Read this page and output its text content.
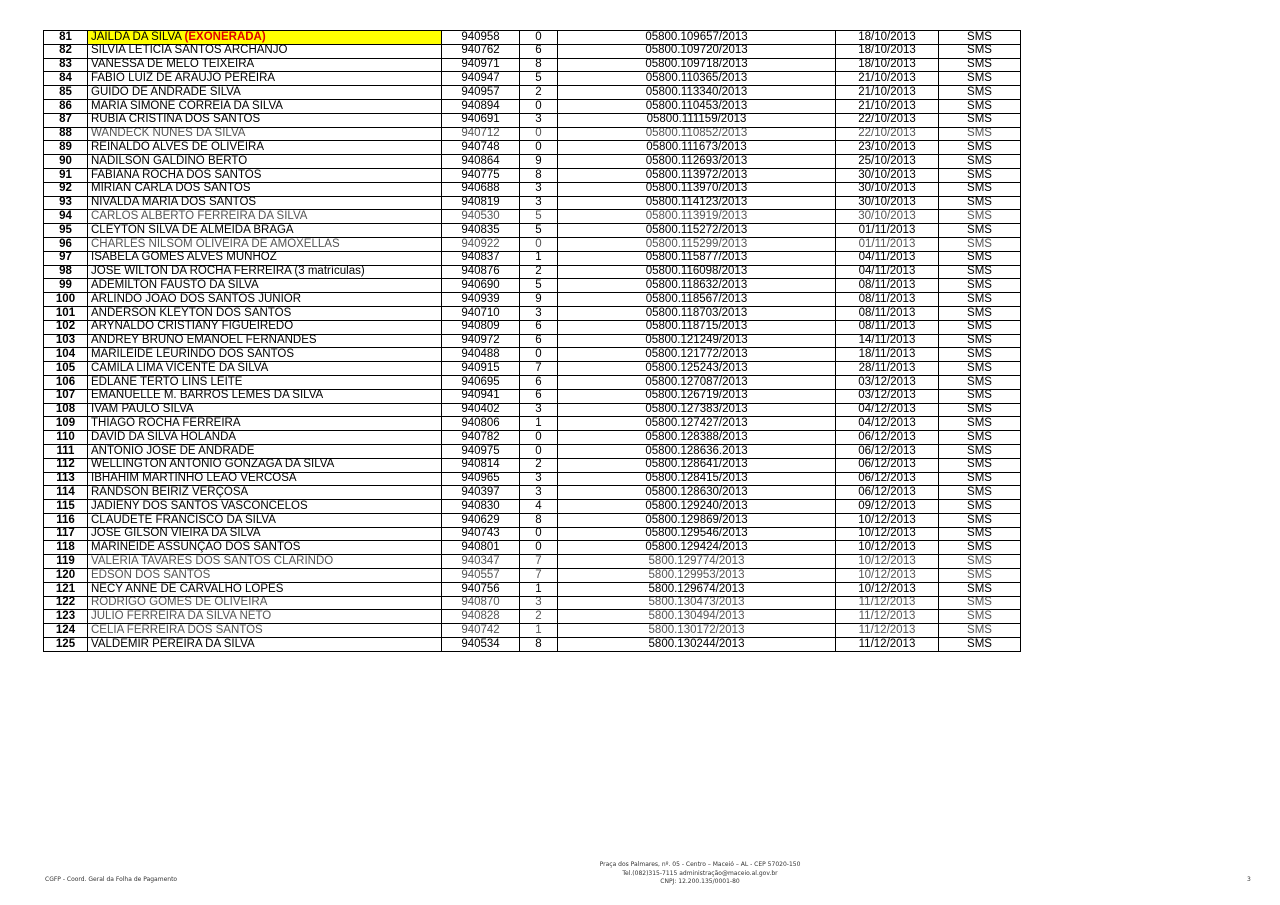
81	JAILDA DA SILVA (EXONERADA)	940958	0	05800.109657/2013	18/10/2013	SMS
82	SILVIA LETICIA SANTOS ARCHANJO	940762	6	05800.109720/2013	18/10/2013	SMS
83	VANESSA DE MELO TEIXEIRA	940971	8	05800.109718/2013	18/10/2013	SMS
84	FABIO LUIZ DE ARAUJO PEREIRA	940947	5	05800.110365/2013	21/10/2013	SMS
85	GUIDO DE ANDRADE SILVA	940957	2	05800.113340/2013	21/10/2013	SMS
86	MARIA SIMONE CORREIA DA SILVA	940894	0	05800.110453/2013	21/10/2013	SMS
87	RUBIA CRISTINA DOS SANTOS	940691	3	05800.111159/2013	22/10/2013	SMS
88	WANDECK NUNES DA SILVA	940712	0	05800.110852/2013	22/10/2013	SMS
89	REINALDO ALVES DE OLIVEIRA	940748	0	05800.111673/2013	23/10/2013	SMS
90	NADILSON GALDINO BERTO	940864	9	05800.112693/2013	25/10/2013	SMS
91	FABIANA ROCHA DOS SANTOS	940775	8	05800.113972/2013	30/10/2013	SMS
92	MIRIAN CARLA DOS SANTOS	940688	3	05800.113970/2013	30/10/2013	SMS
93	NIVALDA MARIA DOS SANTOS	940819	3	05800.114123/2013	30/10/2013	SMS
94	CARLOS ALBERTO FERREIRA DA SILVA	940530	5	05800.113919/2013	30/10/2013	SMS
95	CLEYTON SILVA DE ALMEIDA BRAGA	940835	5	05800.115272/2013	01/11/2013	SMS
96	CHARLES NILSOM OLIVEIRA DE AMOXELLAS	940922	0	05800.115299/2013	01/11/2013	SMS
97	ISABELA GOMES ALVES MUNHOZ	940837	1	05800.115877/2013	04/11/2013	SMS
98	JOSE WILTON DA ROCHA FERREIRA (3 matrículas)	940876	2	05800.116098/2013	04/11/2013	SMS
99	ADEMILTON FAUSTO DA SILVA	940690	5	05800.118632/2013	08/11/2013	SMS
100	ARLINDO JOAO DOS SANTOS JUNIOR	940939	9	05800.118567/2013	08/11/2013	SMS
101	ANDERSON KLEYTON DOS SANTOS	940710	3	05800.118703/2013	08/11/2013	SMS
102	ARYNALDO CRISTIANY FIGUEIREDO	940809	6	05800.118715/2013	08/11/2013	SMS
103	ANDREY BRUNO EMANOEL FERNANDES	940972	6	05800.121249/2013	14/11/2013	SMS
104	MARILEIDE LEURINDO DOS SANTOS	940488	0	05800.121772/2013	18/11/2013	SMS
105	CAMILA LIMA VICENTE DA SILVA	940915	7	05800.125243/2013	28/11/2013	SMS
106	EDLANE TERTO LINS LEITE	940695	6	05800.127087/2013	03/12/2013	SMS
107	EMANUELLE M. BARROS LEMES DA SILVA	940941	6	05800.126719/2013	03/12/2013	SMS
108	IVAM PAULO SILVA	940402	3	05800.127383/2013	04/12/2013	SMS
109	THIAGO ROCHA FERREIRA	940806	1	05800.127427/2013	04/12/2013	SMS
110	DAVID DA SILVA HOLANDA	940782	0	05800.128388/2013	06/12/2013	SMS
111	ANTONIO JOSE DE ANDRADE	940975	0	05800.128636.2013	06/12/2013	SMS
112	WELLINGTON ANTONIO GONZAGA DA SILVA	940814	2	05800.128641/2013	06/12/2013	SMS
113	IBHAHIM MARTINHO LEAO VERCOSA	940965	3	05800.128415/2013	06/12/2013	SMS
114	RANDSON BEIRIZ VERÇOSA	940397	3	05800.128630/2013	06/12/2013	SMS
115	JADIENY DOS SANTOS VASCONCELOS	940830	4	05800.129240/2013	09/12/2013	SMS
116	CLAUDETE FRANCISCO DA SILVA	940629	8	05800.129869/2013	10/12/2013	SMS
117	JOSE GILSON VIEIRA DA SILVA	940743	0	05800.129546/2013	10/12/2013	SMS
118	MARINEIDE ASSUNÇÃO DOS SANTOS	940801	0	05800.129424/2013	10/12/2013	SMS
119	VALERIA TAVARES DOS SANTOS CLARINDO	940347	7	5800.129774/2013	10/12/2013	SMS
120	EDSON DOS SANTOS	940557	7	5800.129953/2013	10/12/2013	SMS
121	NECY ANNE DE CARVALHO LOPES	940756	1	5800.129674/2013	10/12/2013	SMS
122	RODRIGO GOMES DE OLIVEIRA	940870	3	5800.130473/2013	11/12/2013	SMS
123	JULIO FERREIRA DA SILVA NETO	940828	2	5800.130494/2013	11/12/2013	SMS
124	CELIA FERREIRA DOS SANTOS	940742	1	5800.130172/2013	11/12/2013	SMS
125	VALDEMIR PEREIRA DA SILVA	940534	8	5800.130244/2013	11/12/2013	SMS
CGFP - Coord. Geral da Folha de Pagamento
Praça dos Palmares, nº. 05 - Centro – Maceió – AL - CEP 57020-150
Tel.(082)315-7115 administração@maceio.al.gov.br
CNPJ: 12.200.135/0001-80	3
